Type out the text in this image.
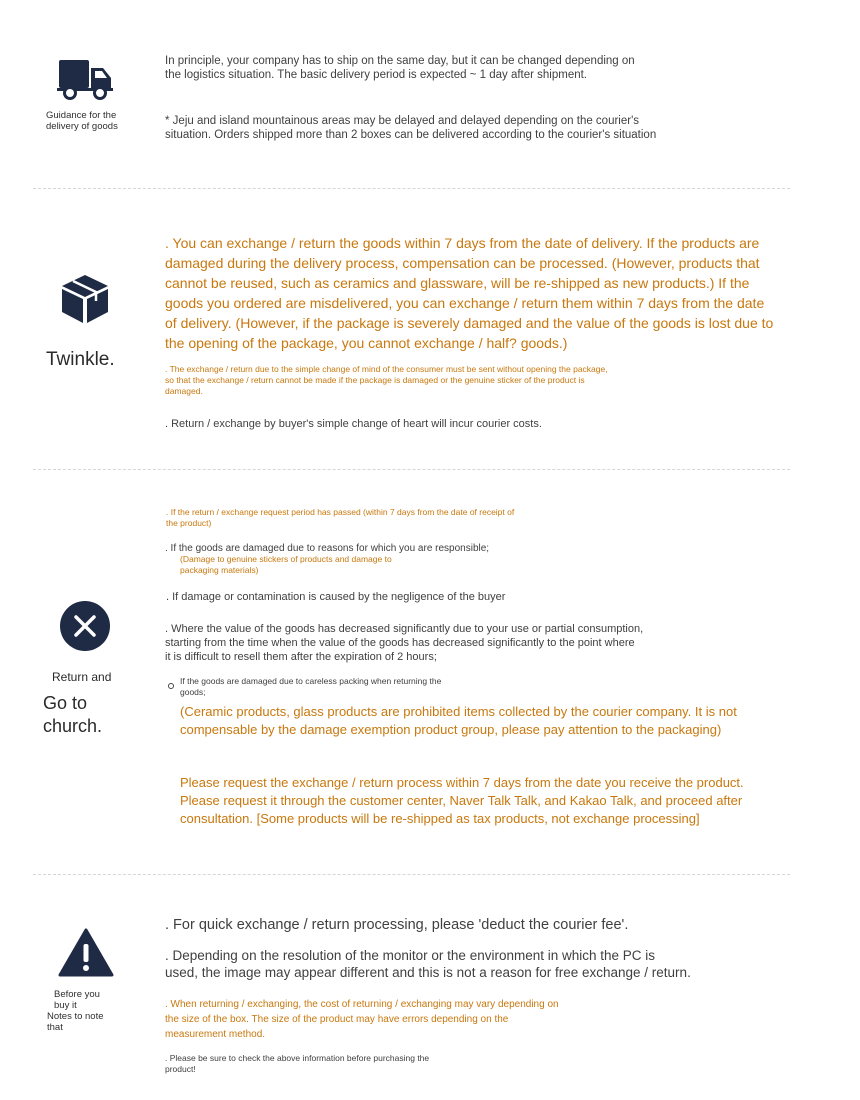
Guidance for the
delivery of goods
In principle, your company has to ship on the same day, but it can be changed depending on
the logistics situation. The basic delivery period is expected ~ 1 day after shipment.
* Jeju and island mountainous areas may be delayed and delayed depending on the courier's
situation. Orders shipped more than 2 boxes can be delivered according to the courier's situation
Twinkle.
. You can exchange / return the goods within 7 days from the date of delivery. If the products are
damaged during the delivery process, compensation can be processed. (However, products that
cannot be reused, such as ceramics and glassware, will be re-shipped as new products.) If the
goods you ordered are misdelivered, you can exchange / return them within 7 days from the date
of delivery. (However, if the package is severely damaged and the value of the goods is lost due to
the opening of the package, you cannot exchange / half? goods.)
. The exchange / return due to the simple change of mind of the consumer must be sent without opening the package,
so that the exchange / return cannot be made if the package is damaged or the genuine sticker of the product is
damaged.
. Return / exchange by buyer's simple change of heart will incur courier costs.
Return and
Go to
church.
. If the return / exchange request period has passed (within 7 days from the date of receipt of
the product)
. If the goods are damaged due to reasons for which you are responsible;
(Damage to genuine stickers of products and damage to
packaging materials)
. If damage or contamination is caused by the negligence of the buyer
. Where the value of the goods has decreased significantly due to your use or partial consumption,
starting from the time when the value of the goods has decreased significantly to the point where
it is difficult to resell them after the expiration of 2 hours;
If the goods are damaged due to careless packing when returning the
goods;
(Ceramic products, glass products are prohibited items collected by the courier company. It is not
compensable by the damage exemption product group, please pay attention to the packaging)
Please request the exchange / return process within 7 days from the date you receive the product.
Please request it through the customer center, Naver Talk Talk, and Kakao Talk, and proceed after
consultation. [Some products will be re-shipped as tax products, not exchange processing]
Before you
buy it
Notes to note
that
. For quick exchange / return processing, please 'deduct the courier fee'.
. Depending on the resolution of the monitor or the environment in which the PC is
used, the image may appear different and this is not a reason for free exchange / return.
. When returning / exchanging, the cost of returning / exchanging may vary depending on
the size of the box. The size of the product may have errors depending on the
measurement method.
. Please be sure to check the above information before purchasing the
product!
